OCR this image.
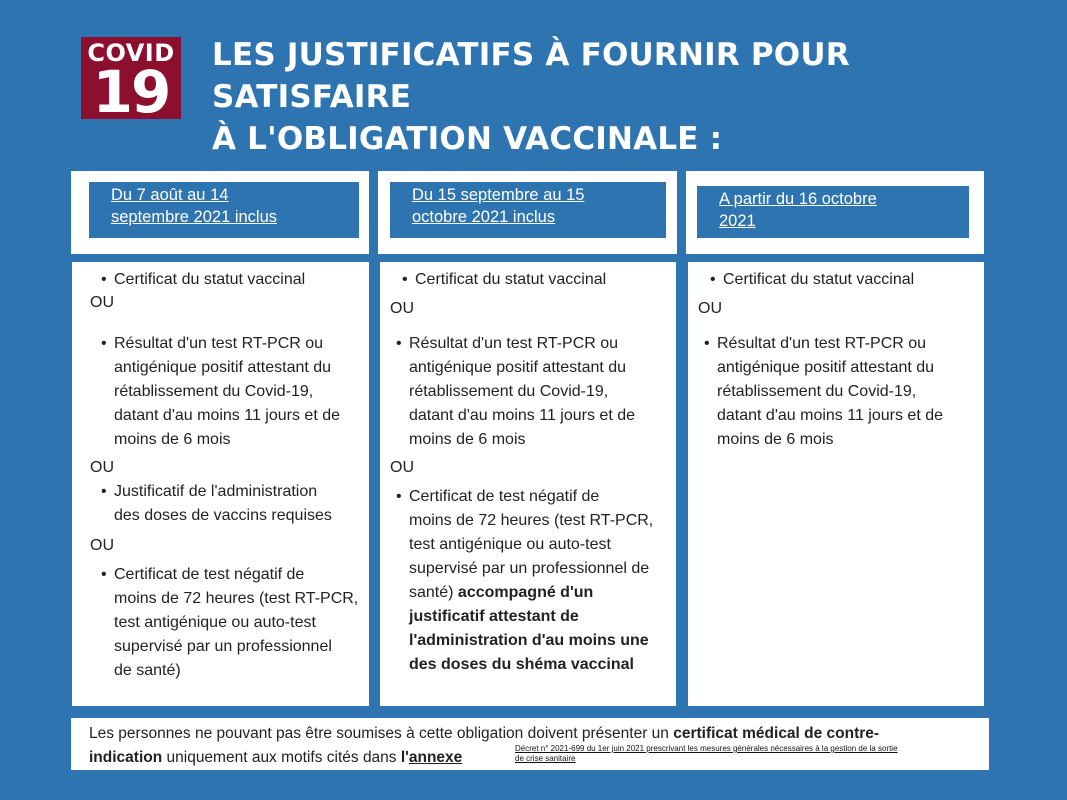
COVID
19
LES JUSTIFICATIFS À FOURNIR POUR SATISFAIRE
À L'OBLIGATION VACCINALE :
Du 7 août au 14
septembre 2021 inclus
Du 15 septembre au 15
octobre 2021 inclus
A partir du 16 octobre
2021
• Certificat du statut vaccinal
OU
• Résultat d'un test RT-PCR ou
antigénique positif attestant du
rétablissement du Covid-19,
datant d'au moins 11 jours et de
moins de 6 mois
OU
• Justificatif de l'administration
des doses de vaccins requises
OU
• Certificat de test négatif de
moins de 72 heures (test RT-PCR,
test antigénique ou auto-test
supervisé par un professionnel
de santé)
• Certificat du statut vaccinal
OU
• Résultat d'un test RT-PCR ou
antigénique positif attestant du
rétablissement du Covid-19,
datant d'au moins 11 jours et de
moins de 6 mois
OU
• Certificat de test négatif de
moins de 72 heures (test RT-PCR,
test antigénique ou auto-test
supervisé par un professionnel de
santé) accompagné d'un
justificatif attestant de
l'administration d'au moins une
des doses du shéma vaccinal
• Certificat du statut vaccinal
OU
• Résultat d'un test RT-PCR ou
antigénique positif attestant du
rétablissement du Covid-19,
datant d'au moins 11 jours et de
moins de 6 mois
Les personnes ne pouvant pas être soumises à cette obligation doivent présenter un certificat médical de contre-
indication uniquement aux motifs cités dans l'annexe
Décret n° 2021-699 du 1er juin 2021 prescrivant les mesures générales nécessaires à la gestion de la sortie
de crise sanitaire
